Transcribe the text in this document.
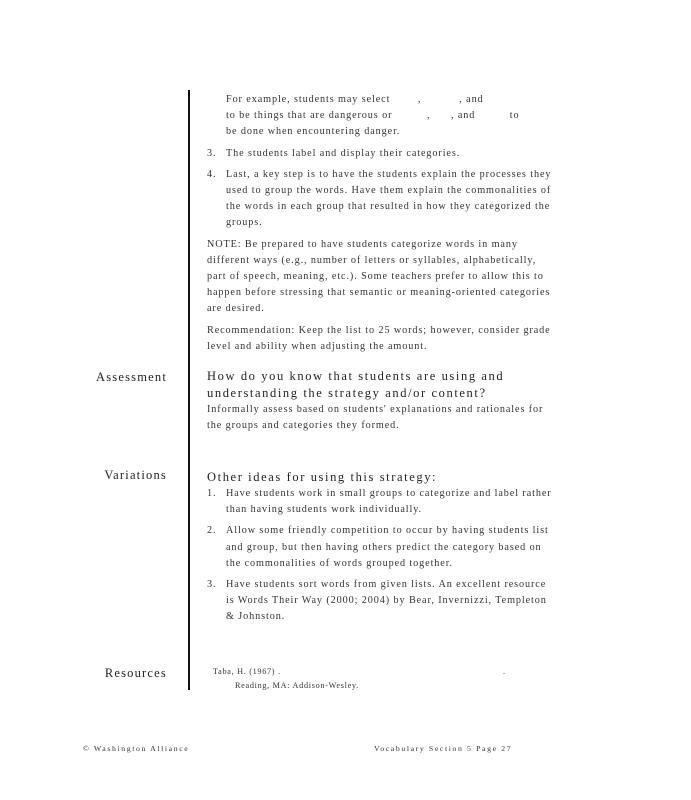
For example, students may select        ,           , and
to be things that are dangerous or          ,      , and          to
be done when encountering danger.
3. The students label and display their categories.
4. Last, a key step is to have the students explain the processes they used to group the words. Have them explain the commonalities of the words in each group that resulted in how they categorized the groups.
NOTE: Be prepared to have students categorize words in many different ways (e.g., number of letters or syllables, alphabetically, part of speech, meaning, etc.). Some teachers prefer to allow this to happen before stressing that semantic or meaning-oriented categories are desired.
Recommendation: Keep the list to 25 words; however, consider grade level and ability when adjusting the amount.
Assessment	How do you know that students are using and understanding the strategy and/or content?
Informally assess based on students' explanations and rationales for the groups and categories they formed.
Variations	Other ideas for using this strategy:
1. Have students work in small groups to categorize and label rather than having students work individually.
2. Allow some friendly competition to occur by having students list and group, but then having others predict the category based on the commonalities of words grouped together.
3. Have students sort words from given lists. An excellent resource is Words Their Way (2000; 2004) by Bear, Invernizzi, Templeton & Johnston.
Resources	Taba, H. (1967) .	.
Reading, MA: Addison-Wesley.
© Washington Alliance	Vocabulary Section 5 Page 27
